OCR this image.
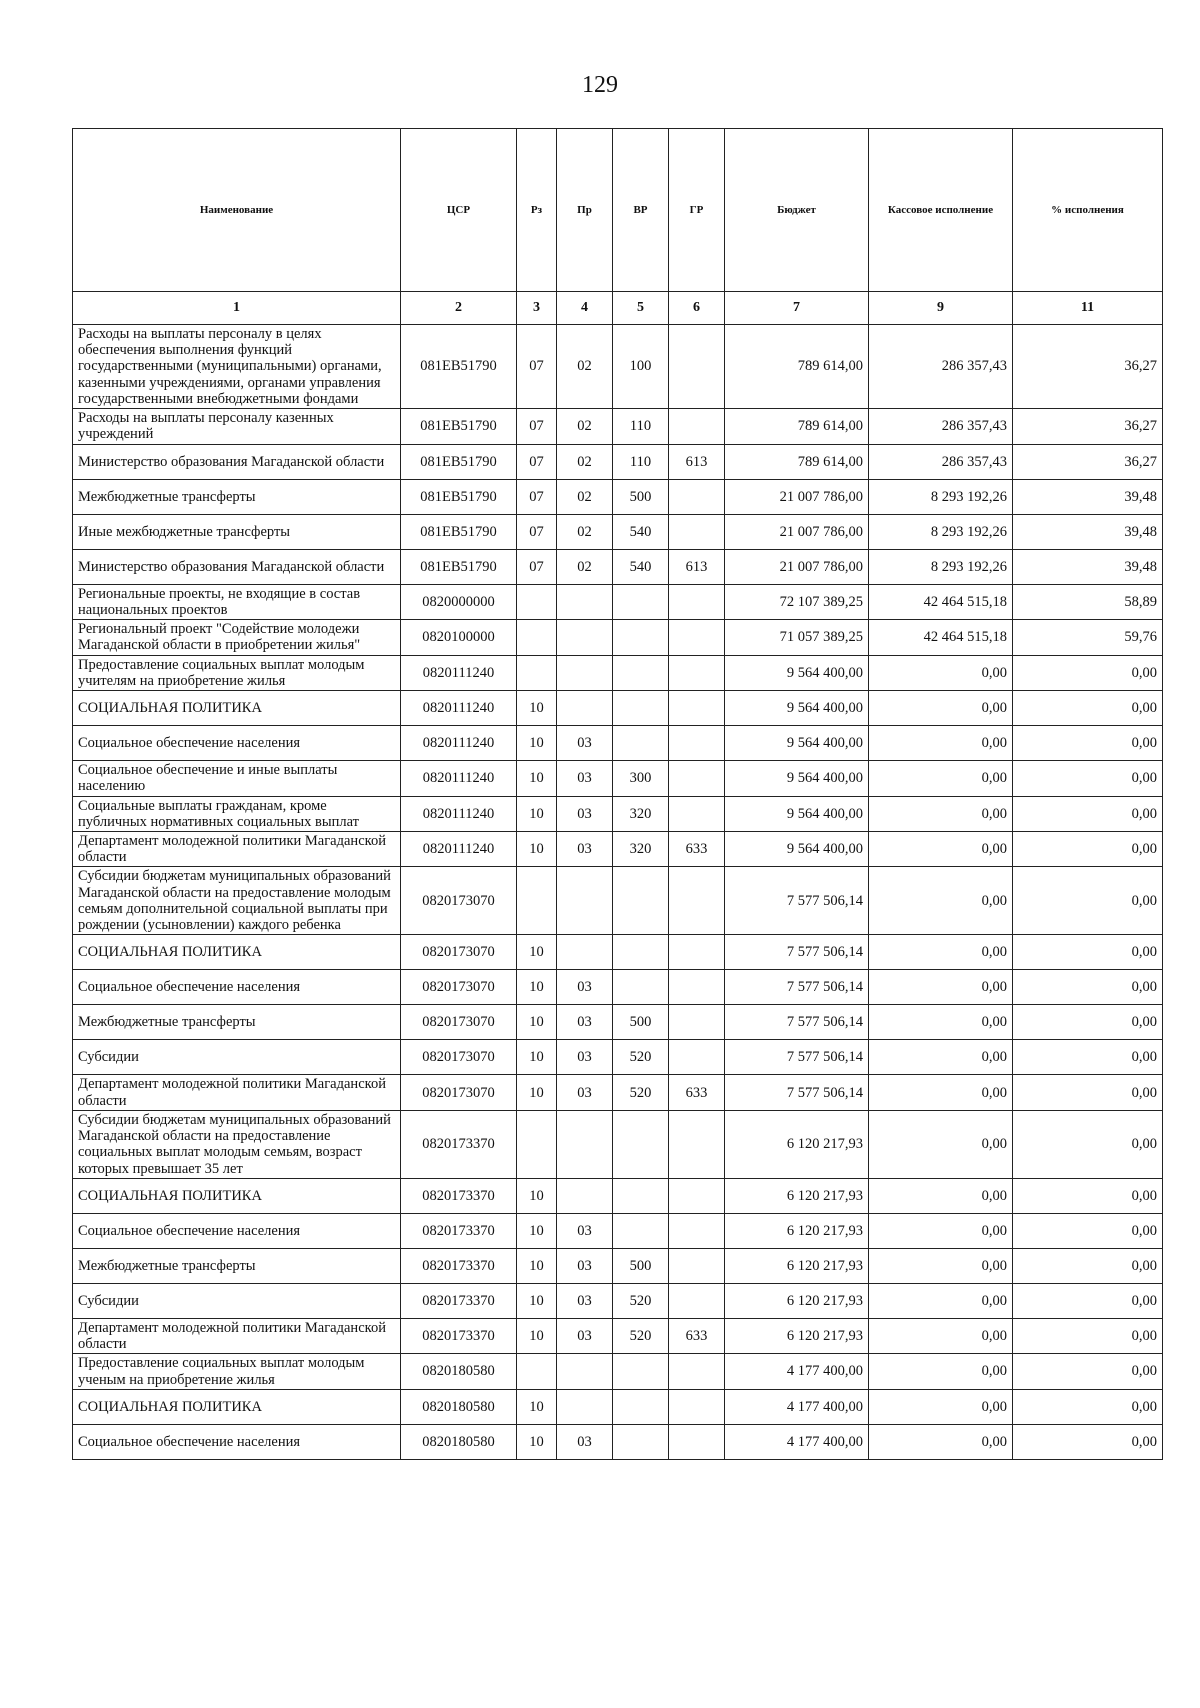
129
Наименование	ЦСР	Рз	Пр	ВР	ГР	Бюджет	Кассовое исполнение	% исполнения
1	2	3	4	5	6	7	9	11
Расходы на выплаты персоналу в целях обеспечения выполнения функций государственными (муниципальными) органами, казенными учреждениями, органами управления государственными внебюджетными фондами	081ЕВ51790	07	02	100		789 614,00	286 357,43	36,27
Расходы на выплаты персоналу казенных учреждений	081ЕВ51790	07	02	110		789 614,00	286 357,43	36,27
Министерство образования Магаданской области	081ЕВ51790	07	02	110	613	789 614,00	286 357,43	36,27
Межбюджетные трансферты	081ЕВ51790	07	02	500		21 007 786,00	8 293 192,26	39,48
Иные межбюджетные трансферты	081ЕВ51790	07	02	540		21 007 786,00	8 293 192,26	39,48
Министерство образования Магаданской области	081ЕВ51790	07	02	540	613	21 007 786,00	8 293 192,26	39,48
Региональные проекты, не входящие в состав национальных проектов	0820000000					72 107 389,25	42 464 515,18	58,89
Региональный проект "Содействие молодежи Магаданской области в приобретении жилья"	0820100000					71 057 389,25	42 464 515,18	59,76
Предоставление социальных выплат молодым учителям на приобретение жилья	0820111240					9 564 400,00	0,00	0,00
СОЦИАЛЬНАЯ ПОЛИТИКА	0820111240	10				9 564 400,00	0,00	0,00
Социальное обеспечение населения	0820111240	10	03			9 564 400,00	0,00	0,00
Социальное обеспечение и иные выплаты населению	0820111240	10	03	300		9 564 400,00	0,00	0,00
Социальные выплаты гражданам, кроме публичных нормативных социальных выплат	0820111240	10	03	320		9 564 400,00	0,00	0,00
Департамент молодежной политики Магаданской области	0820111240	10	03	320	633	9 564 400,00	0,00	0,00
Субсидии бюджетам муниципальных образований Магаданской области на предоставление молодым семьям дополнительной социальной выплаты при рождении (усыновлении) каждого ребенка	0820173070					7 577 506,14	0,00	0,00
СОЦИАЛЬНАЯ ПОЛИТИКА	0820173070	10				7 577 506,14	0,00	0,00
Социальное обеспечение населения	0820173070	10	03			7 577 506,14	0,00	0,00
Межбюджетные трансферты	0820173070	10	03	500		7 577 506,14	0,00	0,00
Субсидии	0820173070	10	03	520		7 577 506,14	0,00	0,00
Департамент молодежной политики Магаданской области	0820173070	10	03	520	633	7 577 506,14	0,00	0,00
Субсидии бюджетам муниципальных образований Магаданской области на предоставление социальных выплат молодым семьям, возраст которых превышает 35 лет	0820173370					6 120 217,93	0,00	0,00
СОЦИАЛЬНАЯ ПОЛИТИКА	0820173370	10				6 120 217,93	0,00	0,00
Социальное обеспечение населения	0820173370	10	03			6 120 217,93	0,00	0,00
Межбюджетные трансферты	0820173370	10	03	500		6 120 217,93	0,00	0,00
Субсидии	0820173370	10	03	520		6 120 217,93	0,00	0,00
Департамент молодежной политики Магаданской области	0820173370	10	03	520	633	6 120 217,93	0,00	0,00
Предоставление социальных выплат молодым ученым на приобретение жилья	0820180580					4 177 400,00	0,00	0,00
СОЦИАЛЬНАЯ ПОЛИТИКА	0820180580	10				4 177 400,00	0,00	0,00
Социальное обеспечение населения	0820180580	10	03			4 177 400,00	0,00	0,00
